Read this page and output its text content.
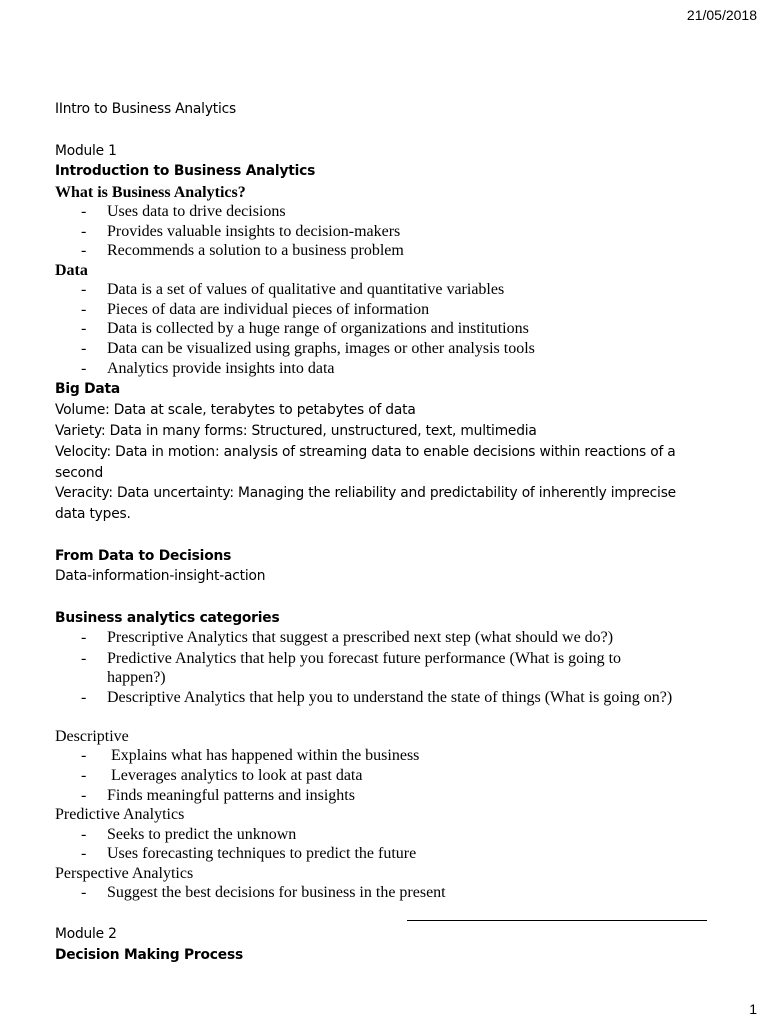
21/05/2018
IIntro to Business Analytics
Module 1
Introduction to Business Analytics
What is Business Analytics?
- Uses data to drive decisions
- Provides valuable insights to decision-makers
- Recommends a solution to a business problem
Data
- Data is a set of values of qualitative and quantitative variables
- Pieces of data are individual pieces of information
- Data is collected by a huge range of organizations and institutions
- Data can be visualized using graphs, images or other analysis tools
- Analytics provide insights into data
Big Data
Volume: Data at scale, terabytes to petabytes of data
Variety: Data in many forms: Structured, unstructured, text, multimedia
Velocity: Data in motion: analysis of streaming data to enable decisions within reactions of a
second
Veracity: Data uncertainty: Managing the reliability and predictability of inherently imprecise
data types.
From Data to Decisions
Data-information-insight-action
Business analytics categories
- Prescriptive Analytics that suggest a prescribed next step (what should we do?)
- Predictive Analytics that help you forecast future performance (What is going to
happen?)
- Descriptive Analytics that help you to understand the state of things (What is going on?)
Descriptive
- Explains what has happened within the business
- Leverages analytics to look at past data
- Finds meaningful patterns and insights
Predictive Analytics
- Seeks to predict the unknown
- Uses forecasting techniques to predict the future
Perspective Analytics
- Suggest the best decisions for business in the present
Module 2
Decision Making Process
1
